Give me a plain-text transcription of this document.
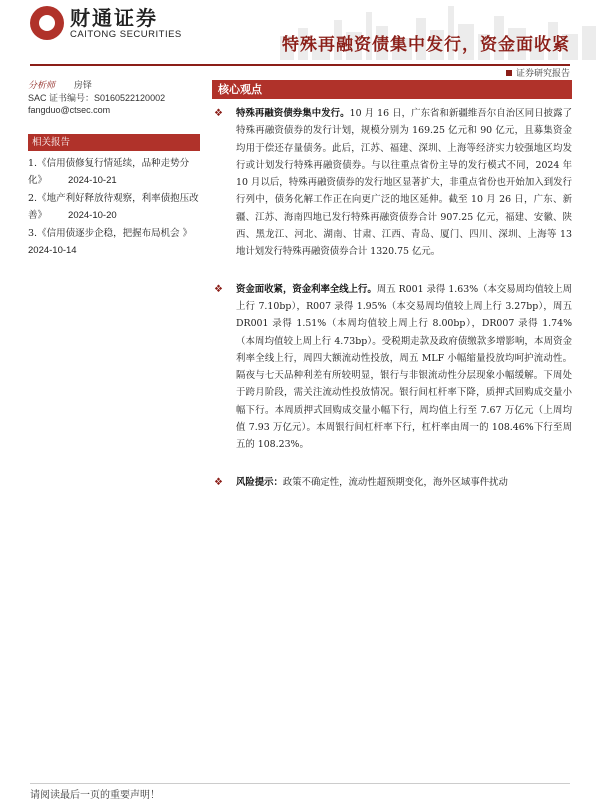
财通证券
CAITONG SECURITIES
特殊再融资债集中发行，资金面收紧
证券研究报告
分析师 房铎
SAC 证书编号：S0160522120002
fangduo@ctsec.com
相关报告
1.《信用债修复行情延续，品种走势分化》 2024-10-21
2.《地产利好释放待观察，利率债抱压改善》 2024-10-20
3.《信用债逐步企稳，把握布局机会 》
2024-10-14
核心观点
❖ 特殊再融资债券集中发行。10 月 16 日，广东省和新疆维吾尔自治区同日披露了特殊再融资债券的发行计划，规模分别为 169.25 亿元和 90 亿元，且募集资金均用于偿还存量债务。此后，江苏、福建、深圳、上海等经济实力较强地区均发行或计划发行特殊再融资债券。与以往重点省份主导的发行模式不同，2024 年 10 月以后，特殊再融资债券的发行地区显著扩大，非重点省份也开始加入到发行行列中，债务化解工作正在向更广泛的地区延伸。截至 10 月 26 日，广东、新疆、江苏、海南四地已发行特殊再融资债券合计 907.25 亿元，福建、安徽、陕西、黑龙江、河北、湖南、甘肃、江西、青岛、厦门、四川、深圳、上海等 13 地计划发行特殊再融资债券合计 1320.75 亿元。
❖ 资金面收紧，资金利率全线上行。周五 R001 录得 1.63%（本交易周均值较上周上行 7.10bp），R007 录得 1.95%（本交易周均值较上周上行 3.27bp），周五 DR001 录得 1.51%（本周均值较上周上行 8.00bp），DR007 录得 1.74%（本周均值较上周上行 4.73bp）。受税期走款及政府债缴款多增影响，本周资金利率全线上行，周四大额流动性投放，周五 MLF 小幅缩量投放均呵护流动性。隔夜与七天品种利差有所较明显，银行与非银流动性分层现象小幅缓解。下周处于跨月阶段，需关注流动性投放情况。银行间杠杆率下降，质押式回购成交量小幅下行。本周质押式回购成交量小幅下行，周均值上行至 7.67 万亿元（上周均值 7.93 万亿元）。本周银行间杠杆率下行，杠杆率由周一的 108.46%下行至周五的 108.23%。
❖ 风险提示：政策不确定性，流动性超预期变化，海外区域事件扰动
请阅读最后一页的重要声明！
